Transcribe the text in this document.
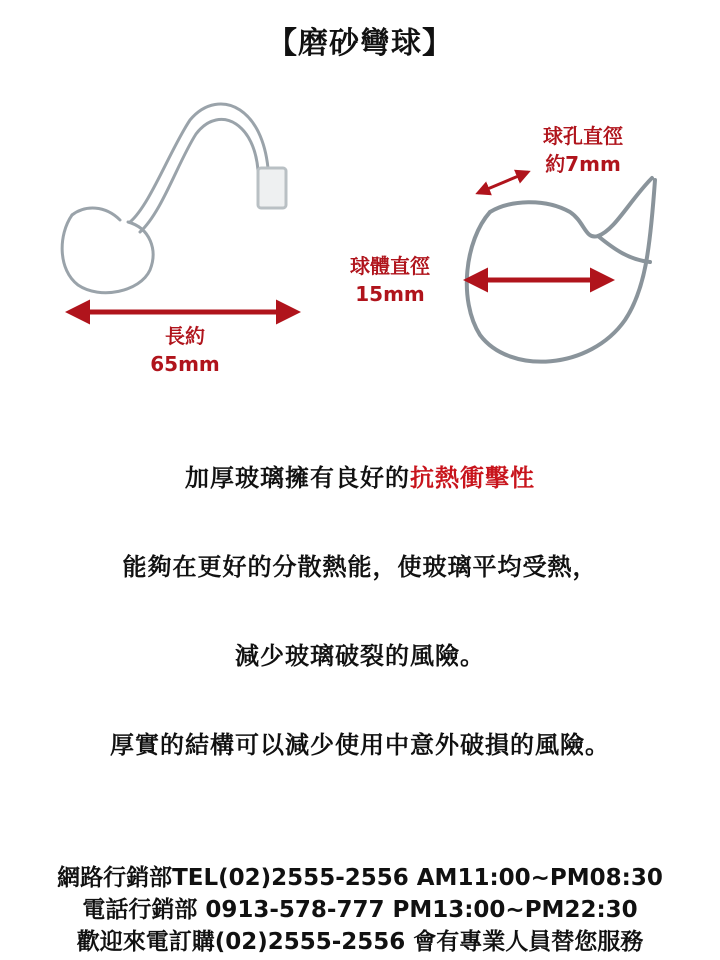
【磨砂彎球】
長約
65mm
球體直徑
15mm
球孔直徑
約7mm
加厚玻璃擁有良好的抗熱衝擊性
能夠在更好的分散熱能，使玻璃平均受熱，
減少玻璃破裂的風險。
厚實的結構可以減少使用中意外破損的風險。
網路行銷部TEL(02)2555-2556 AM11:00~PM08:30
電話行銷部 0913-578-777 PM13:00~PM22:30
歡迎來電訂購(02)2555-2556 會有專業人員替您服務
